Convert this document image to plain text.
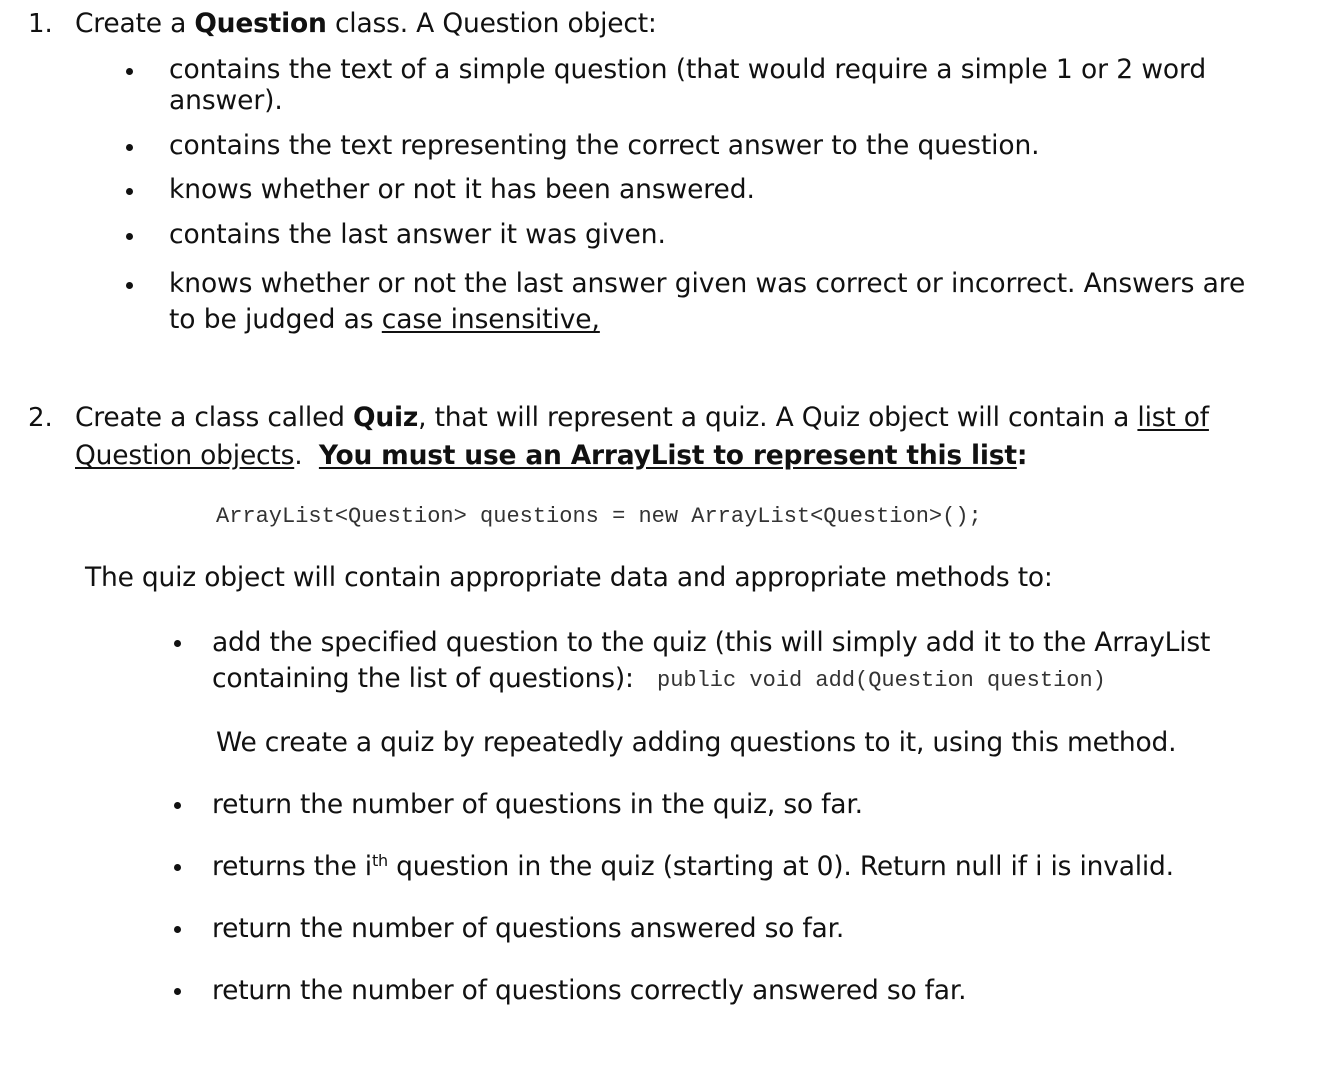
1. Create a Question class. A Question object:
contains the text of a simple question (that would require a simple 1 or 2 word
answer).
contains the text representing the correct answer to the question.
knows whether or not it has been answered.
contains the last answer it was given.
knows whether or not the last answer given was correct or incorrect. Answers are
to be judged as case insensitive,
2. Create a class called Quiz, that will represent a quiz. A Quiz object will contain a list of
Question objects.  You must use an ArrayList to represent this list:
ArrayList<Question> questions = new ArrayList<Question>();
The quiz object will contain appropriate data and appropriate methods to:
add the specified question to the quiz (this will simply add it to the ArrayList
containing the list of questions): public void add(Question question)
We create a quiz by repeatedly adding questions to it, using this method.
return the number of questions in the quiz, so far.
returns the $i^{th}$ question in the quiz (starting at 0). Return null if i is invalid.
return the number of questions answered so far.
return the number of questions correctly answered so far.
